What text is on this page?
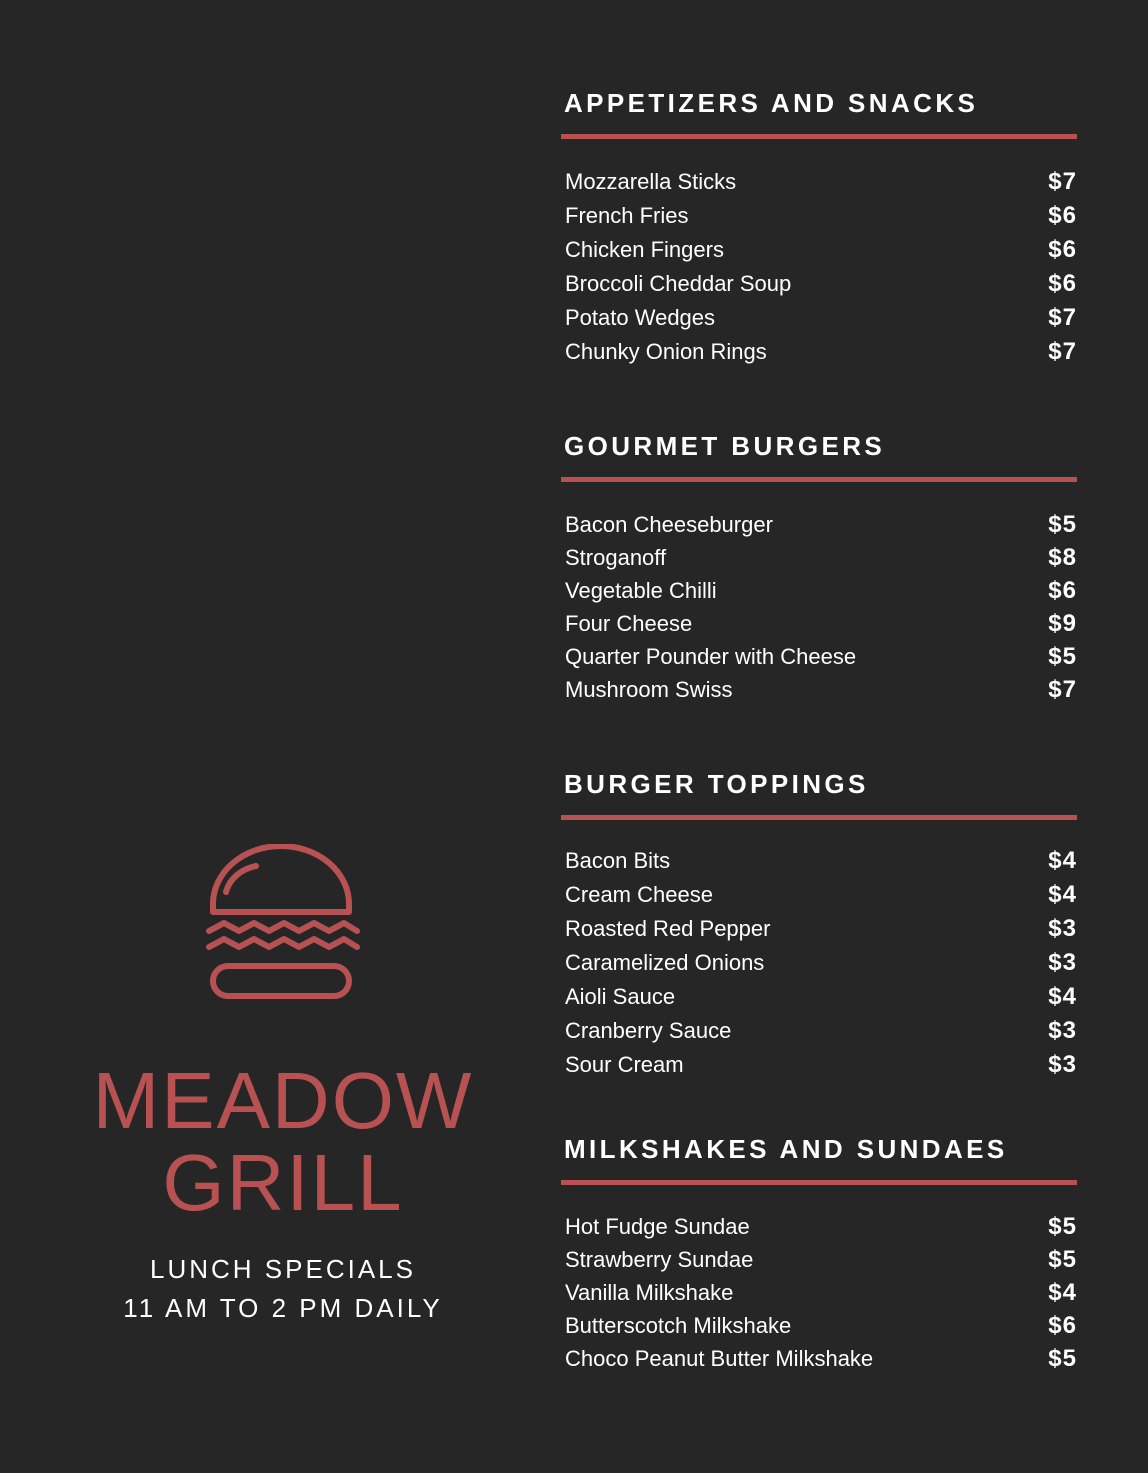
MEADOW
GRILL
LUNCH SPECIALS
11 AM TO 2 PM DAILY
APPETIZERS AND SNACKS
Mozzarella Sticks	$7
French Fries	$6
Chicken Fingers	$6
Broccoli Cheddar Soup	$6
Potato Wedges	$7
Chunky Onion Rings	$7
GOURMET BURGERS
Bacon Cheeseburger	$5
Stroganoff	$8
Vegetable Chilli	$6
Four Cheese	$9
Quarter Pounder with Cheese	$5
Mushroom Swiss	$7
BURGER TOPPINGS
Bacon Bits	$4
Cream Cheese	$4
Roasted Red Pepper	$3
Caramelized Onions	$3
Aioli Sauce	$4
Cranberry Sauce	$3
Sour Cream	$3
MILKSHAKES AND SUNDAES
Hot Fudge Sundae	$5
Strawberry Sundae	$5
Vanilla Milkshake	$4
Butterscotch Milkshake	$6
Choco Peanut Butter Milkshake	$5
